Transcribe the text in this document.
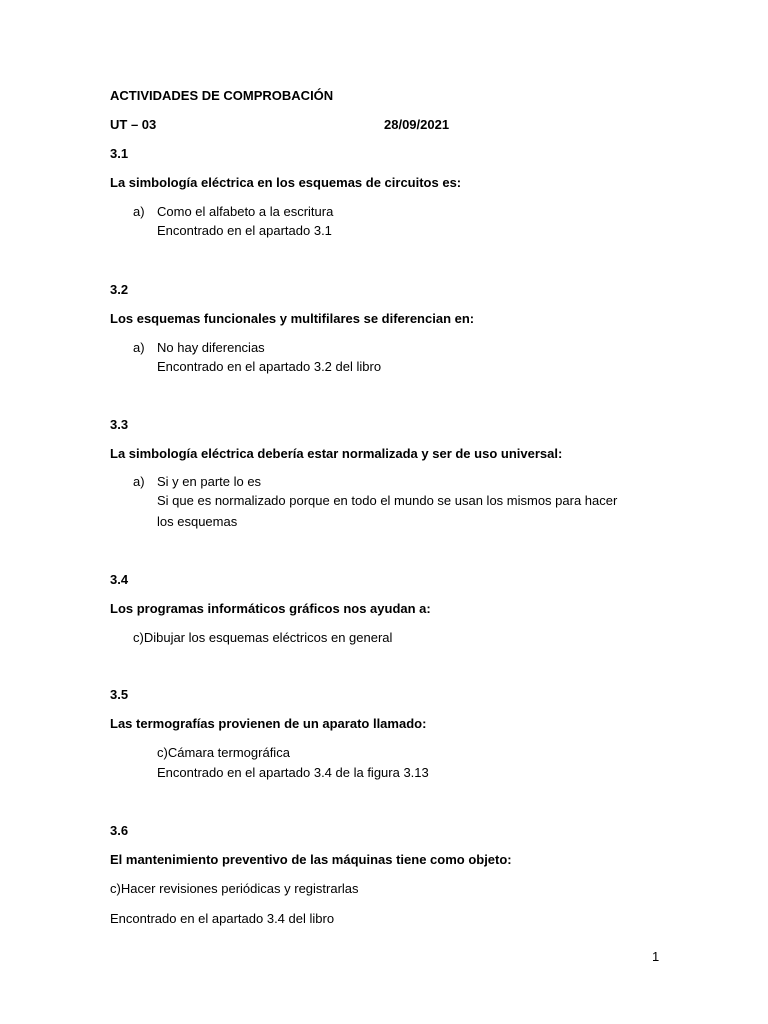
ACTIVIDADES DE COMPROBACIÓN
UT – 03	28/09/2021
3.1
La simbología eléctrica en los esquemas de circuitos es:
a) Como el alfabeto a la escritura
Encontrado en el apartado 3.1
3.2
Los esquemas funcionales y multifilares se diferencian en:
a) No hay diferencias
Encontrado en el apartado 3.2 del libro
3.3
La simbología eléctrica debería estar normalizada y ser de uso universal:
a) Si y en parte lo es
Si que es normalizado porque en todo el mundo se usan los mismos para hacer
los esquemas
3.4
Los programas informáticos gráficos nos ayudan a:
c)Dibujar los esquemas eléctricos en general
3.5
Las termografías provienen de un aparato llamado:
c)Cámara termográfica
Encontrado en el apartado 3.4 de la figura 3.13
3.6
El mantenimiento preventivo de las máquinas tiene como objeto:
c)Hacer revisiones periódicas y registrarlas
Encontrado en el apartado 3.4 del libro
1
